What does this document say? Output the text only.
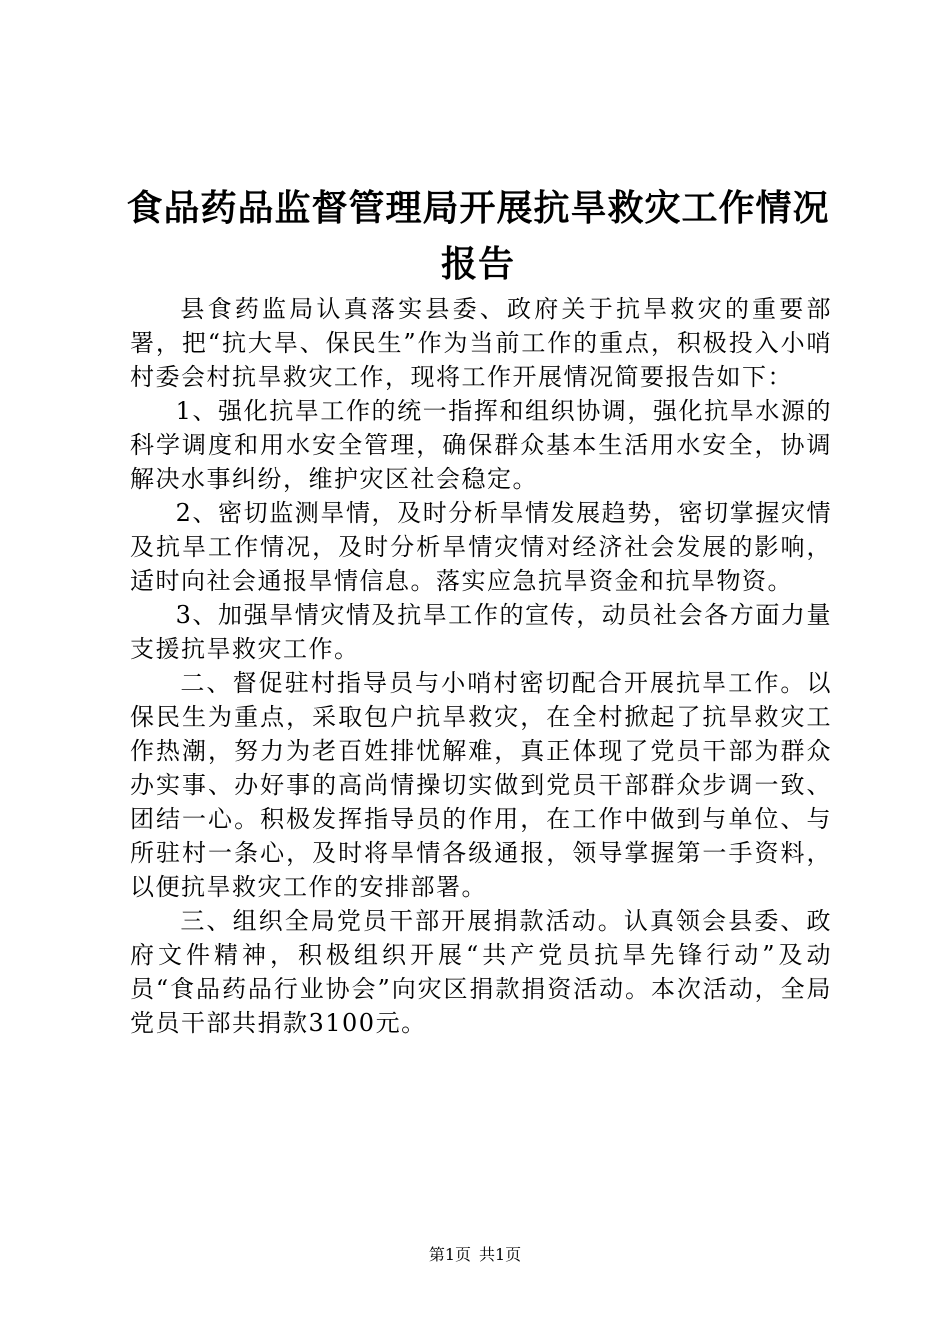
食品药品监督管理局开展抗旱救灾工作情况报告

县食药监局认真落实县委、政府关于抗旱救灾的重要部署，把“抗大旱、保民生”作为当前工作的重点，积极投入小哨村委会村抗旱救灾工作，现将工作开展情况简要报告如下：

1、强化抗旱工作的统一指挥和组织协调，强化抗旱水源的科学调度和用水安全管理，确保群众基本生活用水安全，协调解决水事纠纷，维护灾区社会稳定。

2、密切监测旱情，及时分析旱情发展趋势，密切掌握灾情及抗旱工作情况，及时分析旱情灾情对经济社会发展的影响，适时向社会通报旱情信息。落实应急抗旱资金和抗旱物资。

3、加强旱情灾情及抗旱工作的宣传，动员社会各方面力量支援抗旱救灾工作。

二、督促驻村指导员与小哨村密切配合开展抗旱工作。以保民生为重点，采取包户抗旱救灾，在全村掀起了抗旱救灾工作热潮，努力为老百姓排忧解难，真正体现了党员干部为群众办实事、办好事的高尚情操切实做到党员干部群众步调一致、团结一心。积极发挥指导员的作用，在工作中做到与单位、与所驻村一条心，及时将旱情各级通报，领导掌握第一手资料，以便抗旱救灾工作的安排部署。

三、组织全局党员干部开展捐款活动。认真领会县委、政府文件精神，积极组织开展“共产党员抗旱先锋行动”及动员“食品药品行业协会”向灾区捐款捐资活动。本次活动，全局党员干部共捐款3100元。

第1页 共1页
